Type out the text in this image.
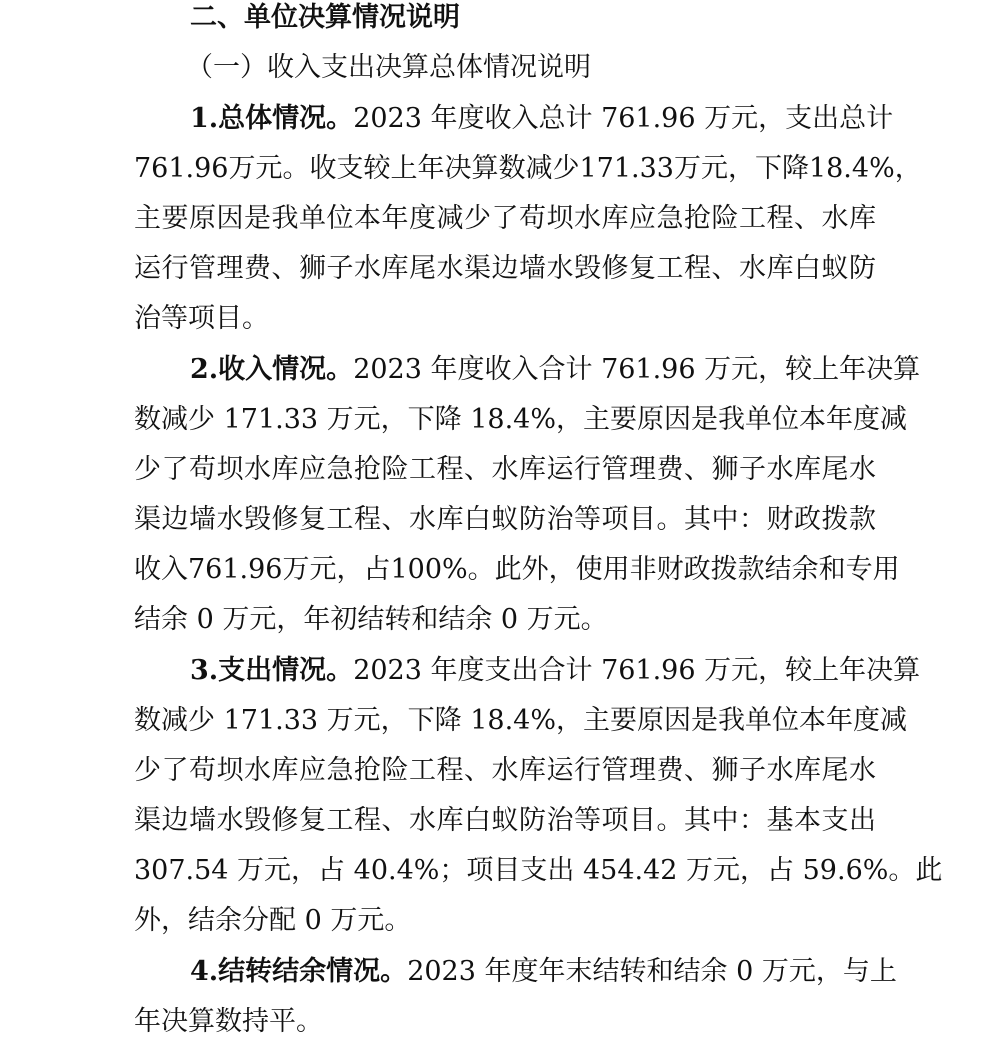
二、单位决算情况说明
（一）收入支出决算总体情况说明
1.总体情况。2023 年度收入总计 761.96 万元，支出总计
761.96万元。收支较上年决算数减少171.33万元，下降18.4%，
主要原因是我单位本年度减少了苟坝水库应急抢险工程、水库
运行管理费、狮子水库尾水渠边墙水毁修复工程、水库白蚁防
治等项目。
2.收入情况。2023 年度收入合计 761.96 万元，较上年决算
数减少 171.33 万元，下降 18.4%，主要原因是我单位本年度减
少了苟坝水库应急抢险工程、水库运行管理费、狮子水库尾水
渠边墙水毁修复工程、水库白蚁防治等项目。其中：财政拨款
收入761.96万元，占100%。此外，使用非财政拨款结余和专用
结余 0 万元，年初结转和结余 0 万元。
3.支出情况。2023 年度支出合计 761.96 万元，较上年决算
数减少 171.33 万元，下降 18.4%，主要原因是我单位本年度减
少了苟坝水库应急抢险工程、水库运行管理费、狮子水库尾水
渠边墙水毁修复工程、水库白蚁防治等项目。其中：基本支出
307.54 万元，占 40.4%；项目支出 454.42 万元，占 59.6%。此
外，结余分配 0 万元。
4.结转结余情况。2023 年度年末结转和结余 0 万元，与上
年决算数持平。
